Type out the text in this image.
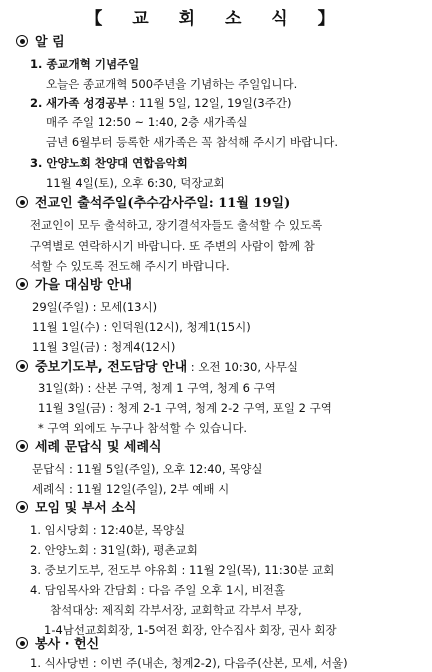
【 교 회 소 식 】
알 림
1. 종교개혁 기념주일
오늘은 종교개혁 500주년을 기념하는 주일입니다.
2. 새가족 성경공부 : 11월 5일, 12일, 19일(3주간)
매주 주일 12:50 ~ 1:40, 2층 새가족실
금년 6월부터 등록한 새가족은 꼭 참석해 주시기 바랍니다.
3. 안양노회 찬양대 연합음악회
11월 4일(토), 오후 6:30, 덕장교회
전교인 출석주일(추수감사주일: 11월 19일)
전교인이 모두 출석하고, 장기결석자들도 출석할 수 있도록
구역별로 연락하시기 바랍니다. 또 주변의 사람이 함께 참
석할 수 있도록 전도해 주시기 바랍니다.
가을 대심방 안내
29일(주일) : 모세(13시)
11월 1일(수) : 인덕원(12시), 청계1(15시)
11월 3일(금) : 청계4(12시)
중보기도부, 전도담당 안내 : 오전 10:30, 사무실
31일(화) : 산본 구역, 청계 1 구역, 청계 6 구역
11월 3일(금) : 청계 2-1 구역, 청계 2-2 구역, 포일 2 구역
* 구역 외에도 누구나 참석할 수 있습니다.
세례 문답식 및 세례식
문답식 : 11월 5일(주일), 오후 12:40, 목양실
세례식 : 11월 12일(주일), 2부 예배 시
모임 및 부서 소식
1. 임시당회 : 12:40분, 목양실
2. 안양노회 : 31일(화), 평촌교회
3. 중보기도부, 전도부 야유회 : 11월 2일(목), 11:30분 교회
4. 담임목사와 간담회 : 다음 주일 오후 1시, 비전홀
참석대상: 제직회 각부서장, 교회학교 각부서 부장,
1-4남선교회회장, 1-5여전 회장, 안수집사 회장, 권사 회장
봉사 · 헌신
1. 식사당번 : 이번 주(내손, 청계2-2), 다음주(산본, 모세, 서울)
